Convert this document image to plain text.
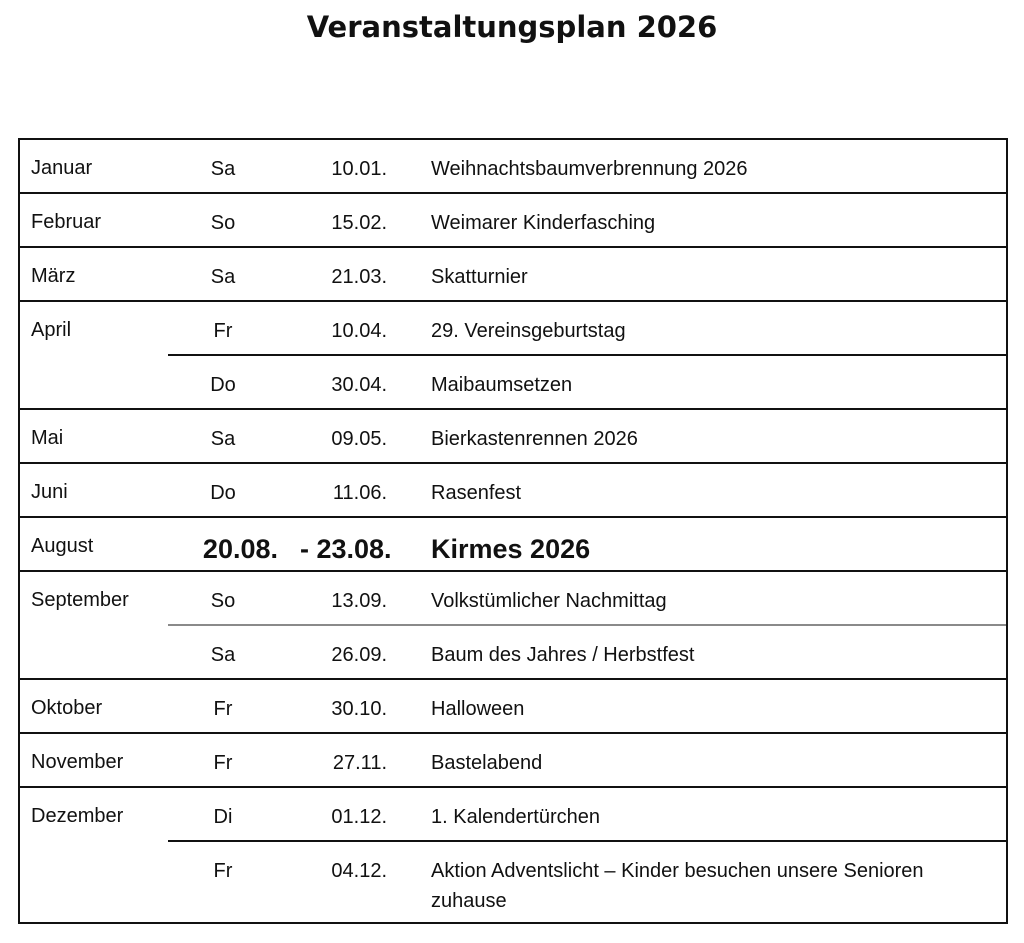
Veranstaltungsplan 2026
Januar	Sa	10.01.	Weihnachtsbaumverbrennung 2026
Februar	So	15.02.	Weimarer Kinderfasching
März	Sa	21.03.	Skatturnier
April	Fr	10.04.	29. Vereinsgeburtstag
	Do	30.04.	Maibaumsetzen
Mai	Sa	09.05.	Bierkastenrennen 2026
Juni	Do	11.06.	Rasenfest
August	20.08.	- 23.08.	Kirmes 2026
September	So	13.09.	Volkstümlicher Nachmittag
	Sa	26.09.	Baum des Jahres / Herbstfest
Oktober	Fr	30.10.	Halloween
November	Fr	27.11.	Bastelabend
Dezember	Di	01.12.	1. Kalendertürchen
	Fr	04.12.	Aktion Adventslicht – Kinder besuchen unsere Senioren zuhause
